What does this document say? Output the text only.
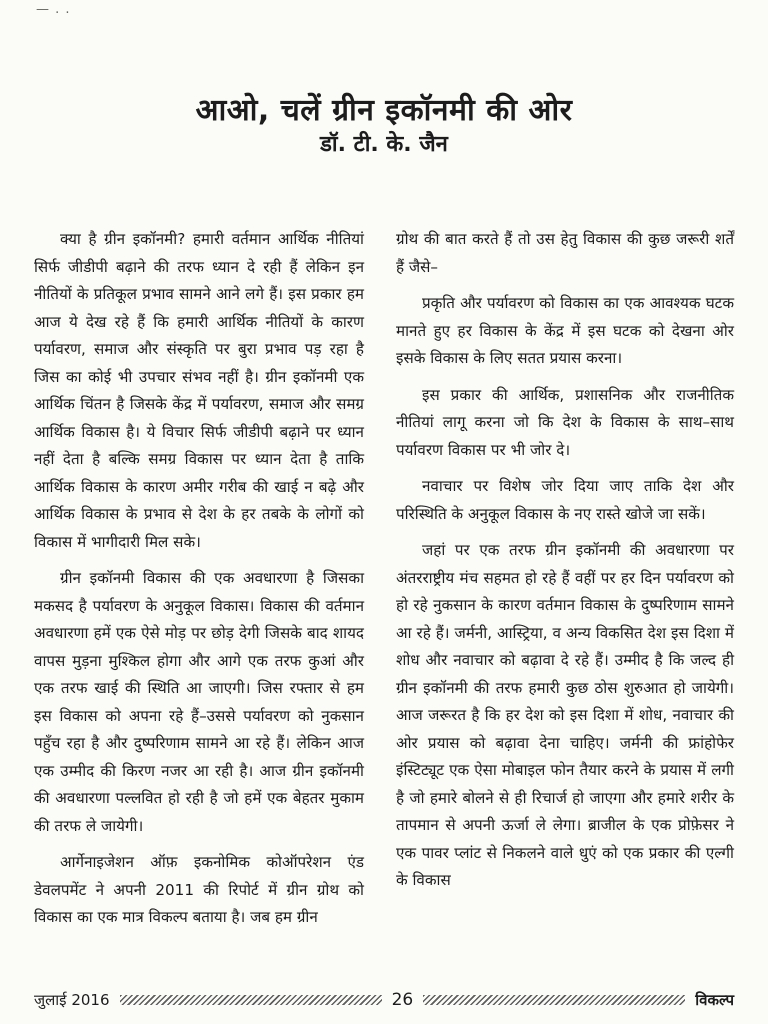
— . .
आओ, चलें ग्रीन इकॉनमी की ओर
डॉ. टी. के. जैन

क्या है ग्रीन इकॉनमी? हमारी वर्तमान आर्थिक नीतियां सिर्फ जीडीपी बढ़ाने की तरफ ध्यान दे रही हैं लेकिन इन नीतियों के प्रतिकूल प्रभाव सामने आने लगे हैं। इस प्रकार हम आज ये देख रहे हैं कि हमारी आर्थिक नीतियों के कारण पर्यावरण, समाज और संस्कृति पर बुरा प्रभाव पड़ रहा है जिस का कोई भी उपचार संभव नहीं है। ग्रीन इकॉनमी एक आर्थिक चिंतन है जिसके केंद्र में पर्यावरण, समाज और समग्र आर्थिक विकास है। ये विचार सिर्फ जीडीपी बढ़ाने पर ध्यान नहीं देता है बल्कि समग्र विकास पर ध्यान देता है ताकि आर्थिक विकास के कारण अमीर गरीब की खाई न बढ़े और आर्थिक विकास के प्रभाव से देश के हर तबके के लोगों को विकास में भागीदारी मिल सके।

ग्रीन इकॉनमी विकास की एक अवधारणा है जिसका मकसद है पर्यावरण के अनुकूल विकास। विकास की वर्तमान अवधारणा हमें एक ऐसे मोड़ पर छोड़ देगी जिसके बाद शायद वापस मुड़ना मुश्किल होगा और आगे एक तरफ कुआं और एक तरफ खाई की स्थिति आ जाएगी। जिस रफ्तार से हम इस विकास को अपना रहे हैं–उससे पर्यावरण को नुकसान पहुँच रहा है और दुष्परिणाम सामने आ रहे हैं। लेकिन आज एक उम्मीद की किरण नजर आ रही है। आज ग्रीन इकॉनमी की अवधारणा पल्लवित हो रही है जो हमें एक बेहतर मुकाम की तरफ ले जायेगी।

आर्गेनाइजेशन ऑफ़ इकनोमिक कोऑपरेशन एंड डेवलपमेंट ने अपनी 2011 की रिपोर्ट में ग्रीन ग्रोथ को विकास का एक मात्र विकल्प बताया है। जब हम ग्रीन

ग्रोथ की बात करते हैं तो उस हेतु विकास की कुछ जरूरी शर्तें हैं जैसे–

प्रकृति और पर्यावरण को विकास का एक आवश्यक घटक मानते हुए हर विकास के केंद्र में इस घटक को देखना ओर इसके विकास के लिए सतत प्रयास करना।

इस प्रकार की आर्थिक, प्रशासनिक और राजनीतिक नीतियां लागू करना जो कि देश के विकास के साथ–साथ पर्यावरण विकास पर भी जोर दे।

नवाचार पर विशेष जोर दिया जाए ताकि देश और परिस्थिति के अनुकूल विकास के नए रास्ते खोजे जा सकें।

जहां पर एक तरफ ग्रीन इकॉनमी की अवधारणा पर अंतरराष्ट्रीय मंच सहमत हो रहे हैं वहीं पर हर दिन पर्यावरण को हो रहे नुकसान के कारण वर्तमान विकास के दुष्परिणाम सामने आ रहे हैं। जर्मनी, आस्ट्रिया, व अन्य विकसित देश इस दिशा में शोध और नवाचार को बढ़ावा दे रहे हैं। उम्मीद है कि जल्द ही ग्रीन इकॉनमी की तरफ हमारी कुछ ठोस शुरुआत हो जायेगी। आज जरूरत है कि हर देश को इस दिशा में शोध, नवाचार की ओर प्रयास को बढ़ावा देना चाहिए। जर्मनी की फ्रांहोफेर इंस्टिट्यूट एक ऐसा मोबाइल फोन तैयार करने के प्रयास में लगी है जो हमारे बोलने से ही रिचार्ज हो जाएगा और हमारे शरीर के तापमान से अपनी ऊर्जा ले लेगा। ब्राजील के एक प्रोफ़ेसर ने एक पावर प्लांट से निकलने वाले धुएं को एक प्रकार की एल्गी के विकास

जुलाई 2016	26	विकल्प
